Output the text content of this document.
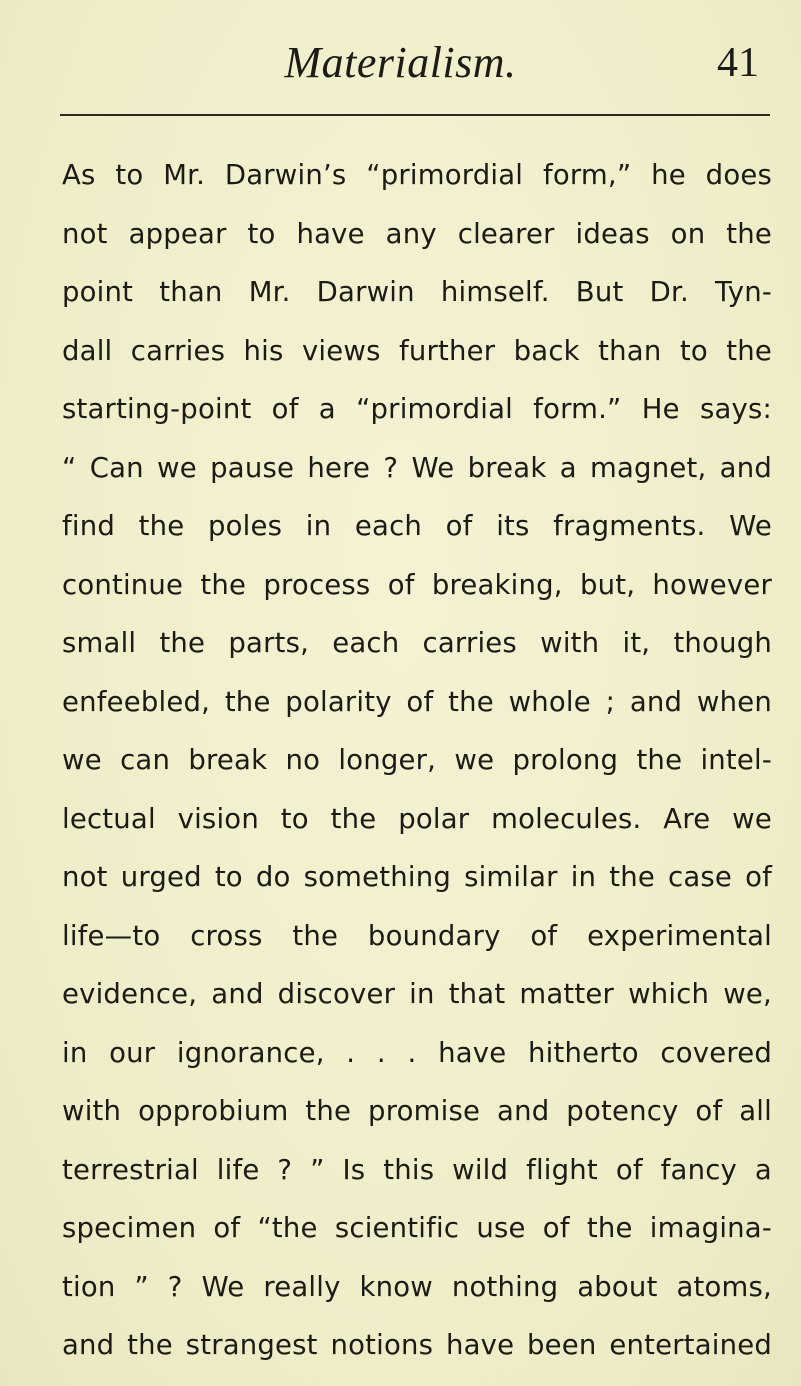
Materialism.	41
As to Mr. Darwin’s “primordial form,” he does
not appear to have any clearer ideas on the
point than Mr. Darwin himself. But Dr. Tyn-
dall carries his views further back than to the
starting-point of a “primordial form.” He says:
“ Can we pause here ? We break a magnet, and
find the poles in each of its fragments. We
continue the process of breaking, but, however
small the parts, each carries with it, though
enfeebled, the polarity of the whole ; and when
we can break no longer, we prolong the intel-
lectual vision to the polar molecules. Are we
not urged to do something similar in the case of
life—to cross the boundary of experimental
evidence, and discover in that matter which we,
in our ignorance, . . . have hitherto covered
with opprobium the promise and potency of all
terrestrial life ? ” Is this wild flight of fancy a
specimen of “the scientific use of the imagina-
tion ” ? We really know nothing about atoms,
and the strangest notions have been entertained
